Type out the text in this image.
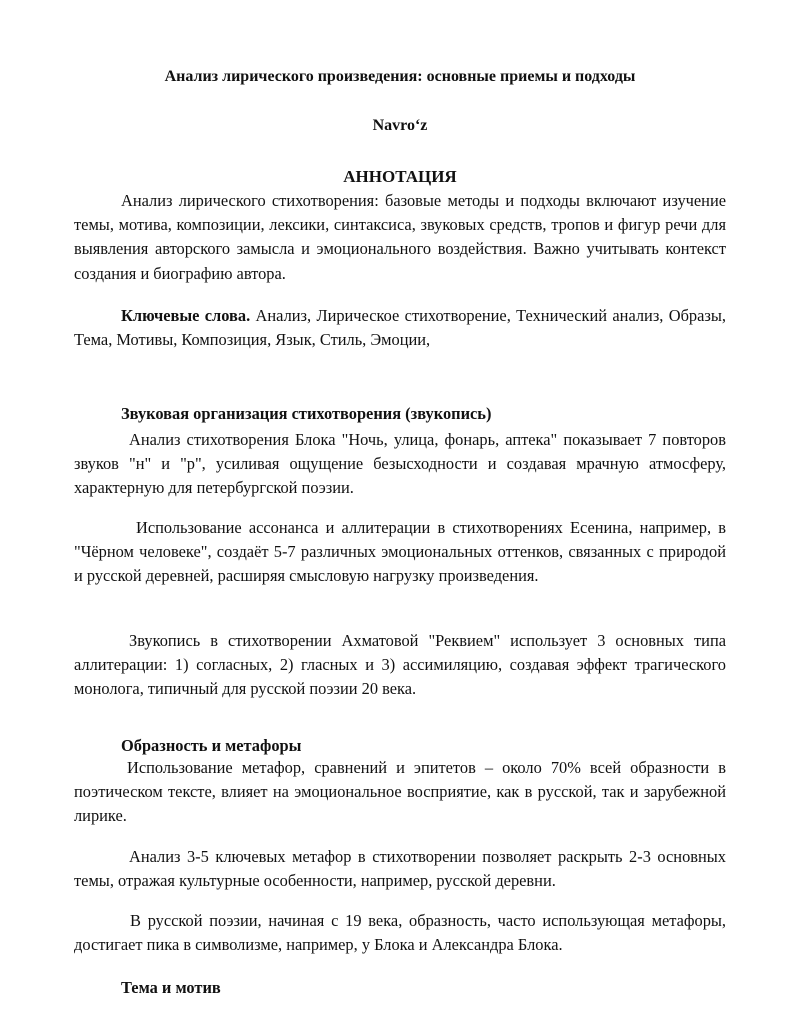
Анализ лирического произведения: основные приемы и подходы
Navro‘z
АННОТАЦИЯ
Анализ лирического стихотворения: базовые методы и подходы включают изучение темы, мотива, композиции, лексики, синтаксиса, звуковых средств, тропов и фигур речи для выявления авторского замысла и эмоционального воздействия. Важно учитывать контекст создания и биографию автора.
Ключевые слова. Анализ, Лирическое стихотворение, Технический анализ, Образы, Тема, Мотивы, Композиция, Язык, Стиль, Эмоции,
Звуковая организация стихотворения (звукопись)
Анализ стихотворения Блока "Ночь, улица, фонарь, аптека" показывает 7 повторов звуков "н" и "р", усиливая ощущение безысходности и создавая мрачную атмосферу, характерную для петербургской поэзии.
Использование ассонанса и аллитерации в стихотворениях Есенина, например, в "Чёрном человеке", создаёт 5-7 различных эмоциональных оттенков, связанных с природой и русской деревней, расширяя смысловую нагрузку произведения.
Звукопись в стихотворении Ахматовой "Реквием" использует 3 основных типа аллитерации: 1) согласных, 2) гласных и 3) ассимиляцию, создавая эффект трагического монолога, типичный для русской поэзии 20 века.
Образность и метафоры
Использование метафор, сравнений и эпитетов – около 70% всей образности в поэтическом тексте, влияет на эмоциональное восприятие, как в русской, так и зарубежной лирике.
Анализ 3-5 ключевых метафор в стихотворении позволяет раскрыть 2-3 основных темы, отражая культурные особенности, например, русской деревни.
В русской поэзии, начиная с 19 века, образность, часто использующая метафоры, достигает пика в символизме, например, у Блока и Александра Блока.
Тема и мотив
